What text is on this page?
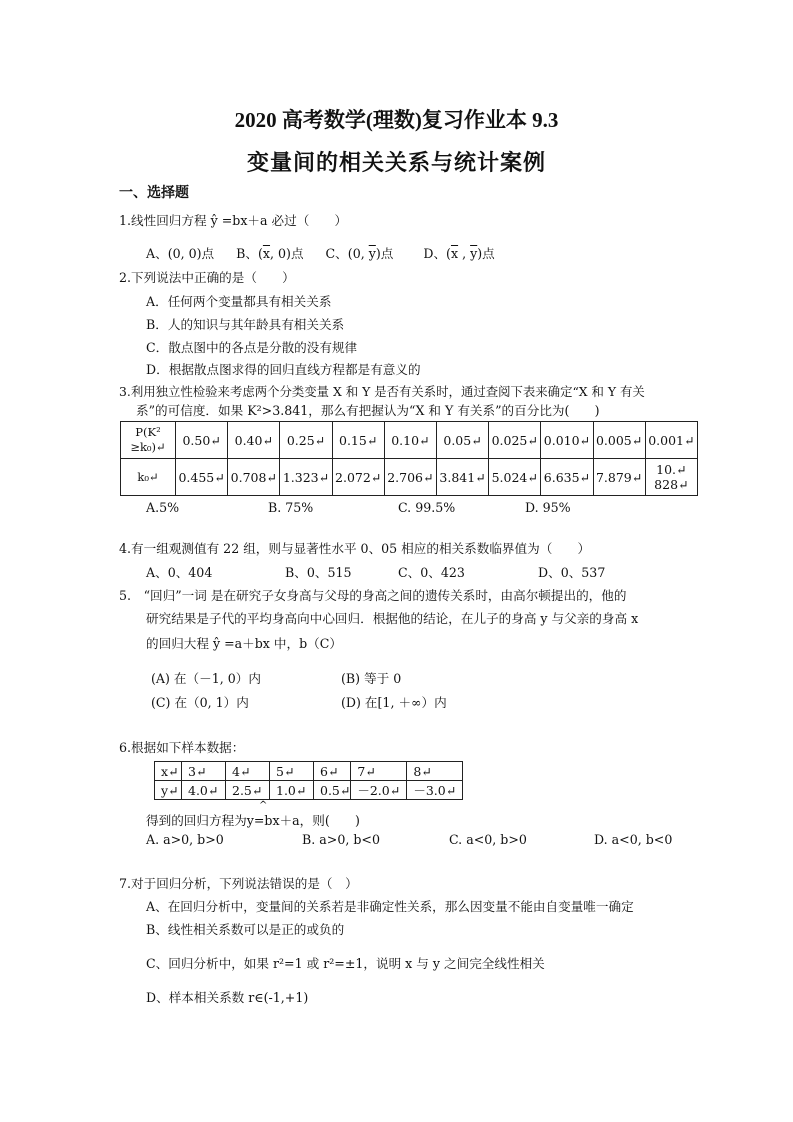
2020 高考数学(理数)复习作业本 9.3
变量间的相关关系与统计案例
一、选择题
1.线性回归方程 ŷ =bx＋a 必过（　　）
A、(0, 0)点 B、($\overline{x}$, 0)点 C、(0, $\overline{y}$)点 D、($\overline{x}$ , $\overline{y}$)点
2.下列说法中正确的是（　　）
A．任何两个变量都具有相关关系
B．人的知识与其年龄具有相关关系
C．散点图中的各点是分散的没有规律
D．根据散点图求得的回归直线方程都是有意义的
3.利用独立性检验来考虑两个分类变量 X 和 Y 是否有关系时，通过查阅下表来确定“X 和 Y 有关
系”的可信度．如果 K²>3.841，那么有把握认为“X 和 Y 有关系”的百分比为(　　)
P(K²
≥k₀)↵	0.50↵	0.40↵	0.25↵	0.15↵	0.10↵	0.05↵	0.025↵	0.010↵	0.005↵	0.001↵
k₀↵	0.455↵	0.708↵	1.323↵	2.072↵	2.706↵	3.841↵	5.024↵	6.635↵	7.879↵	10.↵
828↵
A.5%	B. 75%	C. 99.5%	D. 95%
4.有一组观测值有 22 组，则与显著性水平 0、05 相应的相关系数临界值为（　　）
A、0、404	B、0、515	C、0、423	D、0、537
5.　“回归”一词 是在研究子女身高与父母的身高之间的遗传关系时，由高尔顿提出的，他的
研究结果是子代的平均身高向中心回归．根据他的结论，在儿子的身高 y 与父亲的身高 x
的回归大程 ŷ =a＋bx 中，b（C）
(A) 在（－1, 0）内	(B) 等于 0
(C) 在（0, 1）内	(D) 在[1, ＋∞）内
6.根据如下样本数据：
x↵	3↵	4↵	5↵	6↵	7↵	8↵
y↵	4.0↵	2.5↵	1.0↵	0.5↵	－2.0↵	－3.0↵
^
得到的回归方程为y=bx＋a，则(　　)
A. a>0, b>0	B. a>0, b<0	C. a<0, b>0	D. a<0, b<0
7.对于回归分析，下列说法错误的是（　）
A、在回归分析中，变量间的关系若是非确定性关系，那么因变量不能由自变量唯一确定
B、线性相关系数可以是正的或负的
C、回归分析中，如果 r²=1 或 r²=±1，说明 x 与 y 之间完全线性相关
D、样本相关系数 r∈(-1,+1)
